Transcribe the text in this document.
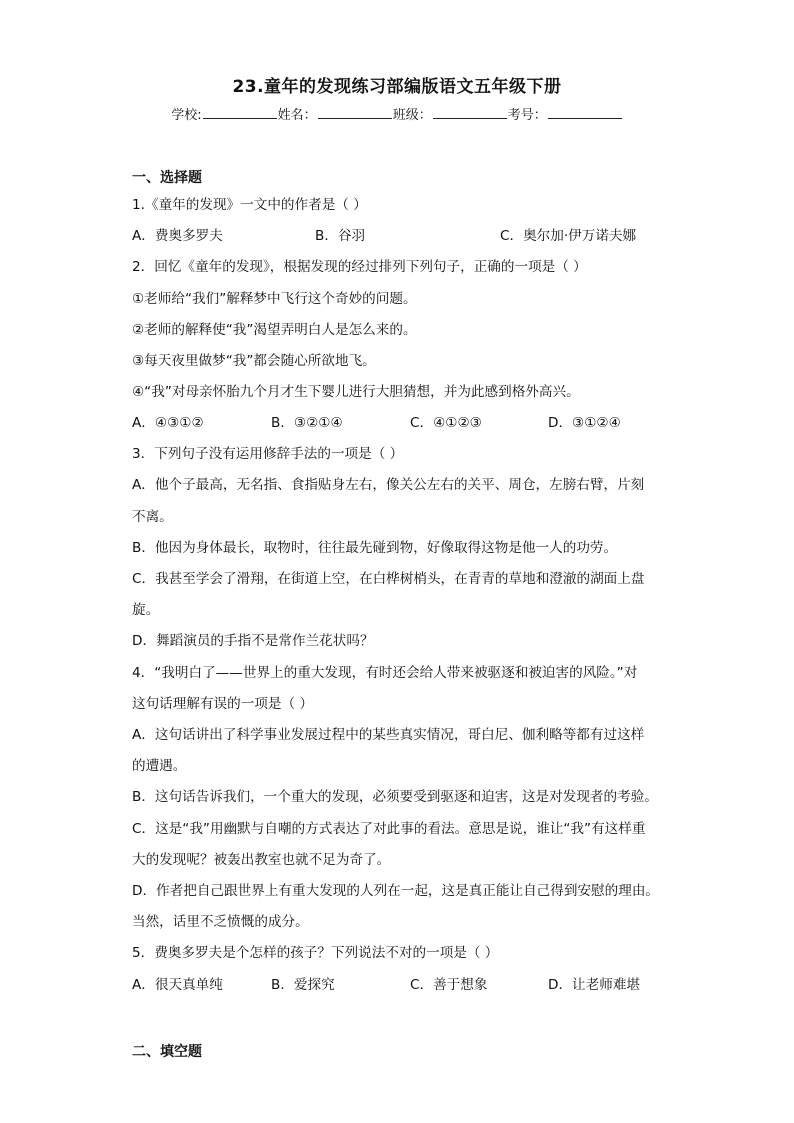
23.童年的发现练习部编版语文五年级下册
学校:	姓名：	班级：	考号：
一、选择题
1.《童年的发现》一文中的作者是（ ）
A．费奥多罗夫	B．谷羽	C．奥尔加·伊万诺夫娜
2．回忆《童年的发现》，根据发现的经过排列下列句子，正确的一项是（ ）
①老师给“我们”解释梦中飞行这个奇妙的问题。
②老师的解释使“我”渴望弄明白人是怎么来的。
③每天夜里做梦“我”都会随心所欲地飞。
④“我”对母亲怀胎九个月才生下婴儿进行大胆猜想，并为此感到格外高兴。
A．④③①②	B．③②①④	C．④①②③	D．③①②④
3．下列句子没有运用修辞手法的一项是（ ）
A．他个子最高，无名指、食指贴身左右，像关公左右的关平、周仓，左膀右臂，片刻
不离。
B．他因为身体最长，取物时，往往最先碰到物，好像取得这物是他一人的功劳。
C．我甚至学会了滑翔，在街道上空，在白桦树梢头，在青青的草地和澄澈的湖面上盘
旋。
D．舞蹈演员的手指不是常作兰花状吗？
4．“我明白了——世界上的重大发现，有时还会给人带来被驱逐和被迫害的风险。”对
这句话理解有误的一项是（ ）
A．这句话讲出了科学事业发展过程中的某些真实情况，哥白尼、伽利略等都有过这样
的遭遇。
B．这句话告诉我们，一个重大的发现，必须要受到驱逐和迫害，这是对发现者的考验。
C．这是“我”用幽默与自嘲的方式表达了对此事的看法。意思是说，谁让“我”有这样重
大的发现呢？被轰出教室也就不足为奇了。
D．作者把自己跟世界上有重大发现的人列在一起，这是真正能让自己得到安慰的理由。
当然，话里不乏愤慨的成分。
5．费奥多罗夫是个怎样的孩子？下列说法不对的一项是（ ）
A．很天真单纯	B．爱探究	C．善于想象	D．让老师难堪
二、填空题
